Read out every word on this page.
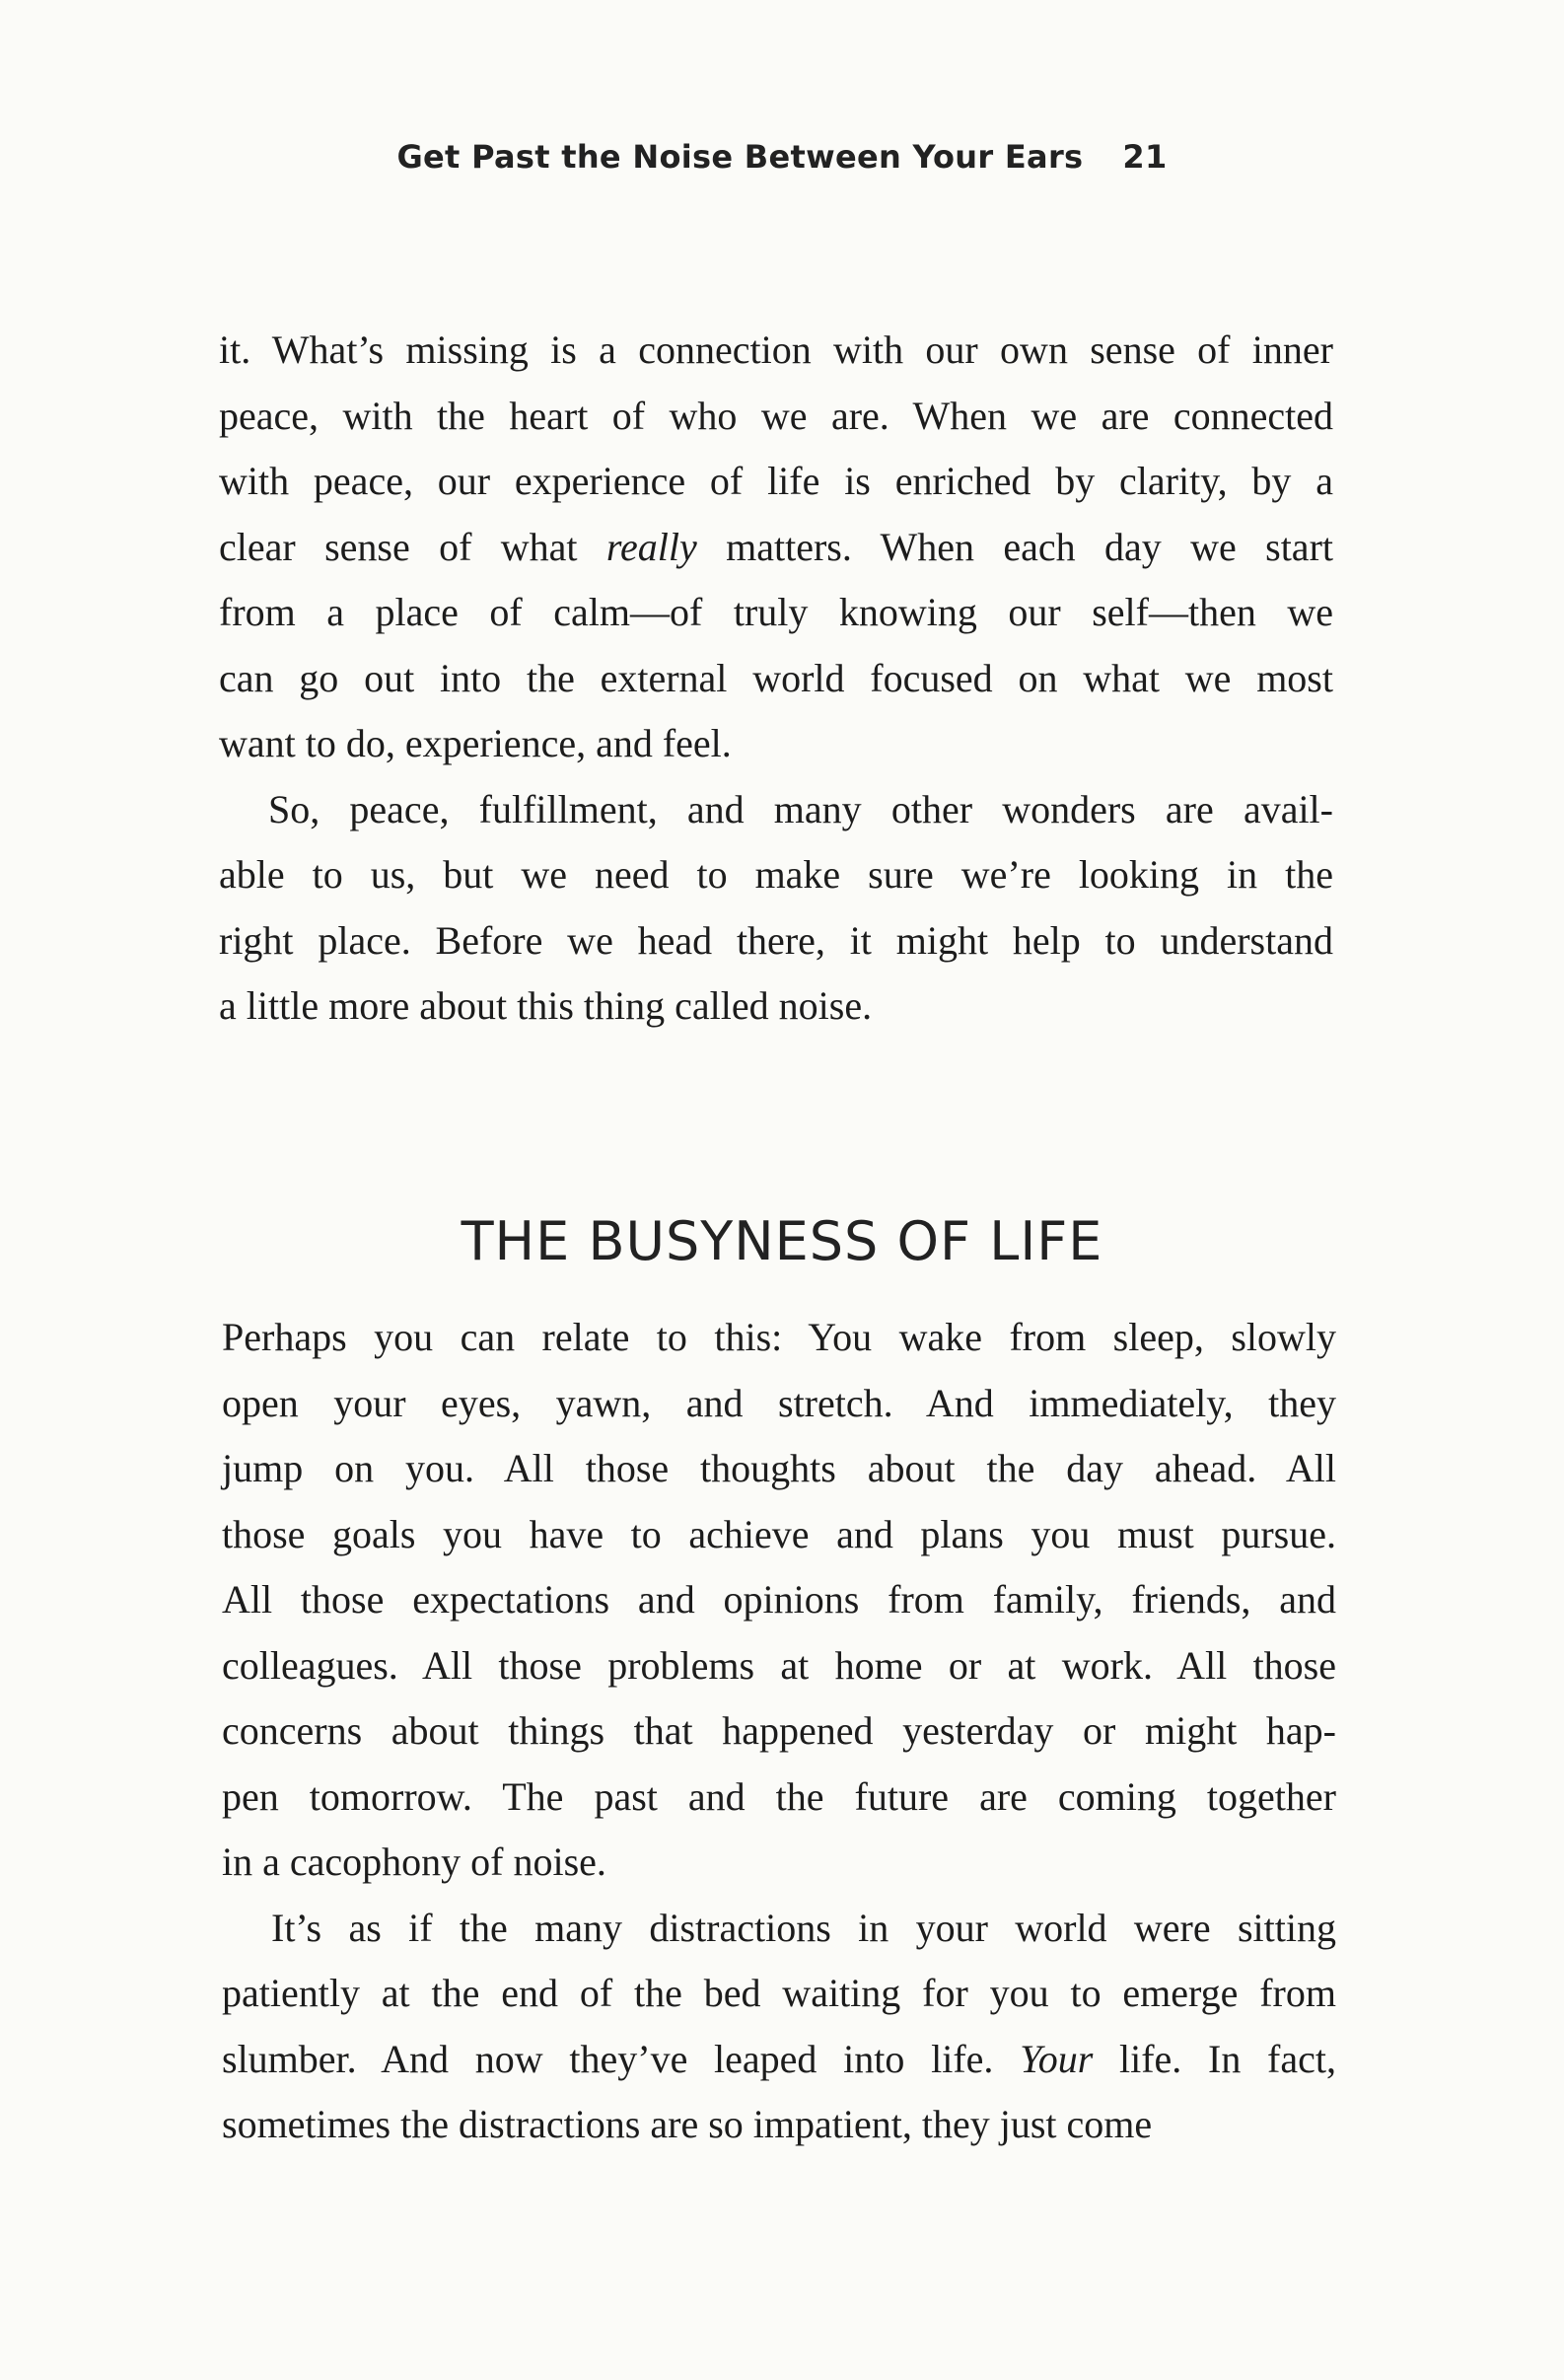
Get Past the Noise Between Your Ears 21

it. What’s missing is a connection with our own sense of inner
peace, with the heart of who we are. When we are connected
with peace, our experience of life is enriched by clarity, by a
clear sense of what really matters. When each day we start
from a place of calm—of truly knowing our self—then we
can go out into the external world focused on what we most
want to do, experience, and feel.

So, peace, fulfillment, and many other wonders are avail-
able to us, but we need to make sure we’re looking in the
right place. Before we head there, it might help to understand
a little more about this thing called noise.

THE BUSYNESS OF LIFE

Perhaps you can relate to this: You wake from sleep, slowly
open your eyes, yawn, and stretch. And immediately, they
jump on you. All those thoughts about the day ahead. All
those goals you have to achieve and plans you must pursue.
All those expectations and opinions from family, friends, and
colleagues. All those problems at home or at work. All those
concerns about things that happened yesterday or might hap-
pen tomorrow. The past and the future are coming together
in a cacophony of noise.

It’s as if the many distractions in your world were sitting
patiently at the end of the bed waiting for you to emerge from
slumber. And now they’ve leaped into life. Your life. In fact,
sometimes the distractions are so impatient, they just come
